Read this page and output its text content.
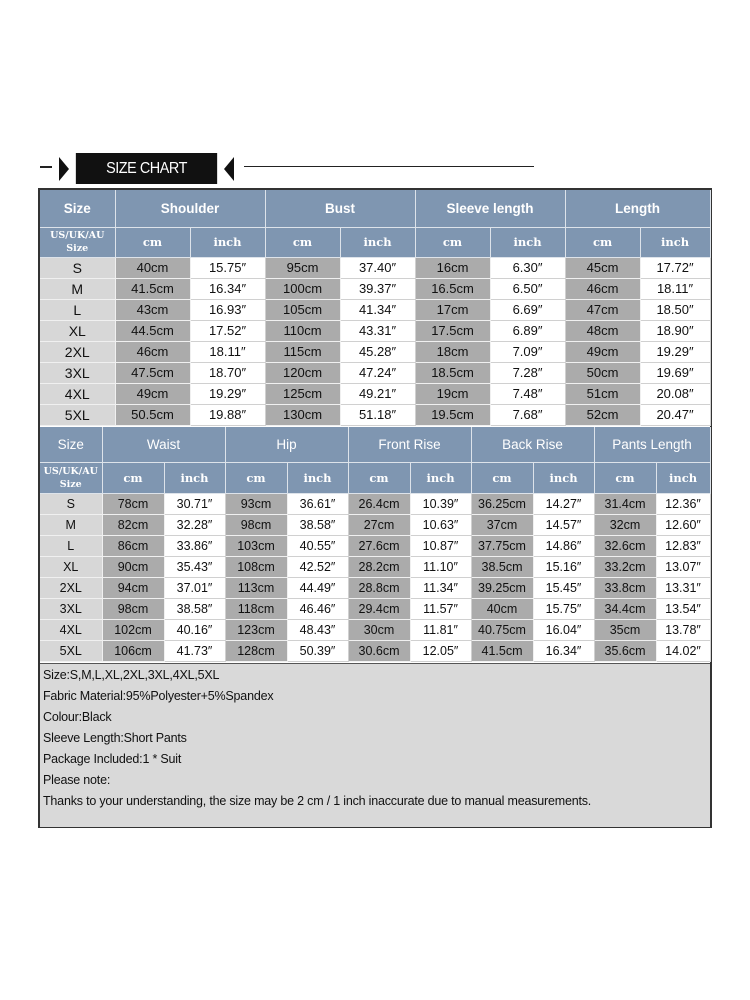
SIZE CHART
Size	Shoulder		Bust		Sleeve length		Length	

US/UK/AU
Size	cm	inch	cm	inch	cm	inch	cm	inch
S	40cm	15.75″	95cm	37.40″	16cm	6.30″	45cm	17.72″
M	41.5cm	16.34″	100cm	39.37″	16.5cm	6.50″	46cm	18.11″
L	43cm	16.93″	105cm	41.34″	17cm	6.69″	47cm	18.50″
XL	44.5cm	17.52″	110cm	43.31″	17.5cm	6.89″	48cm	18.90″
2XL	46cm	18.11″	115cm	45.28″	18cm	7.09″	49cm	19.29″
3XL	47.5cm	18.70″	120cm	47.24″	18.5cm	7.28″	50cm	19.69″
4XL	49cm	19.29″	125cm	49.21″	19cm	7.48″	51cm	20.08″
5XL	50.5cm	19.88″	130cm	51.18″	19.5cm	7.68″	52cm	20.47″
Size	Waist		Hip		Front Rise		Back Rise		Pants Length	

US/UK/AU
Size	cm	inch	cm	inch	cm	inch	cm	inch	cm	inch
S	78cm	30.71″	93cm	36.61″	26.4cm	10.39″	36.25cm	14.27″	31.4cm	12.36″
M	82cm	32.28″	98cm	38.58″	27cm	10.63″	37cm	14.57″	32cm	12.60″
L	86cm	33.86″	103cm	40.55″	27.6cm	10.87″	37.75cm	14.86″	32.6cm	12.83″
XL	90cm	35.43″	108cm	42.52″	28.2cm	11.10″	38.5cm	15.16″	33.2cm	13.07″
2XL	94cm	37.01″	113cm	44.49″	28.8cm	11.34″	39.25cm	15.45″	33.8cm	13.31″
3XL	98cm	38.58″	118cm	46.46″	29.4cm	11.57″	40cm	15.75″	34.4cm	13.54″
4XL	102cm	40.16″	123cm	48.43″	30cm	11.81″	40.75cm	16.04″	35cm	13.78″
5XL	106cm	41.73″	128cm	50.39″	30.6cm	12.05″	41.5cm	16.34″	35.6cm	14.02″
Size:S,M,L,XL,2XL,3XL,4XL,5XL
Fabric Material:95%Polyester+5%Spandex
Colour:Black
Sleeve Length:Short Pants
Package Included:1 * Suit
Please note:
Thanks to your understanding, the size may be 2 cm / 1 inch inaccurate due to manual measurements.
